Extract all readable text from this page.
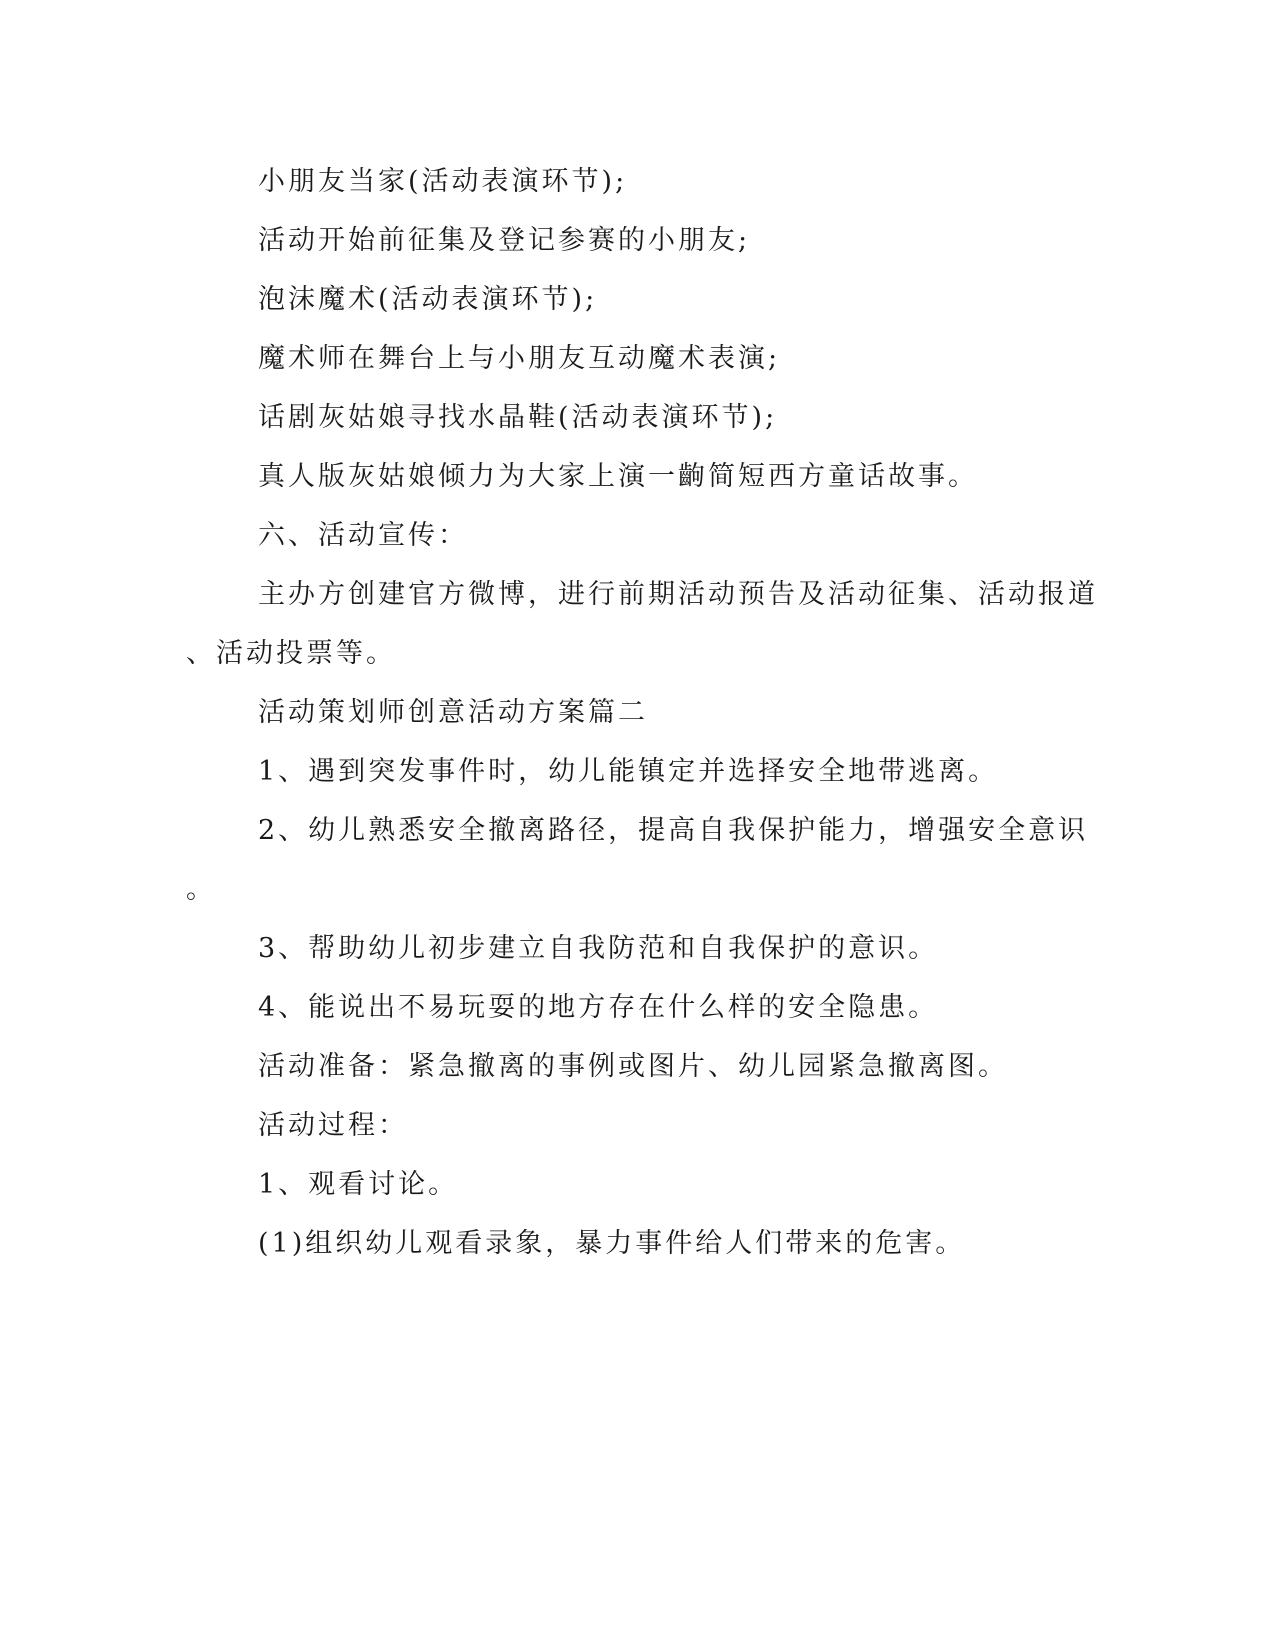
小朋友当家(活动表演环节);
活动开始前征集及登记参赛的小朋友;
泡沫魔术(活动表演环节);
魔术师在舞台上与小朋友互动魔术表演;
话剧灰姑娘寻找水晶鞋(活动表演环节);
真人版灰姑娘倾力为大家上演一齣简短西方童话故事。
六、活动宣传：
主办方创建官方微博，进行前期活动预告及活动征集、活动报道
、活动投票等。
活动策划师创意活动方案篇二
1、遇到突发事件时，幼儿能镇定并选择安全地带逃离。
2、幼儿熟悉安全撤离路径，提高自我保护能力，增强安全意识
。
3、帮助幼儿初步建立自我防范和自我保护的意识。
4、能说出不易玩耍的地方存在什么样的安全隐患。
活动准备：紧急撤离的事例或图片、幼儿园紧急撤离图。
活动过程：
1、观看讨论。
(1)组织幼儿观看录象，暴力事件给人们带来的危害。
